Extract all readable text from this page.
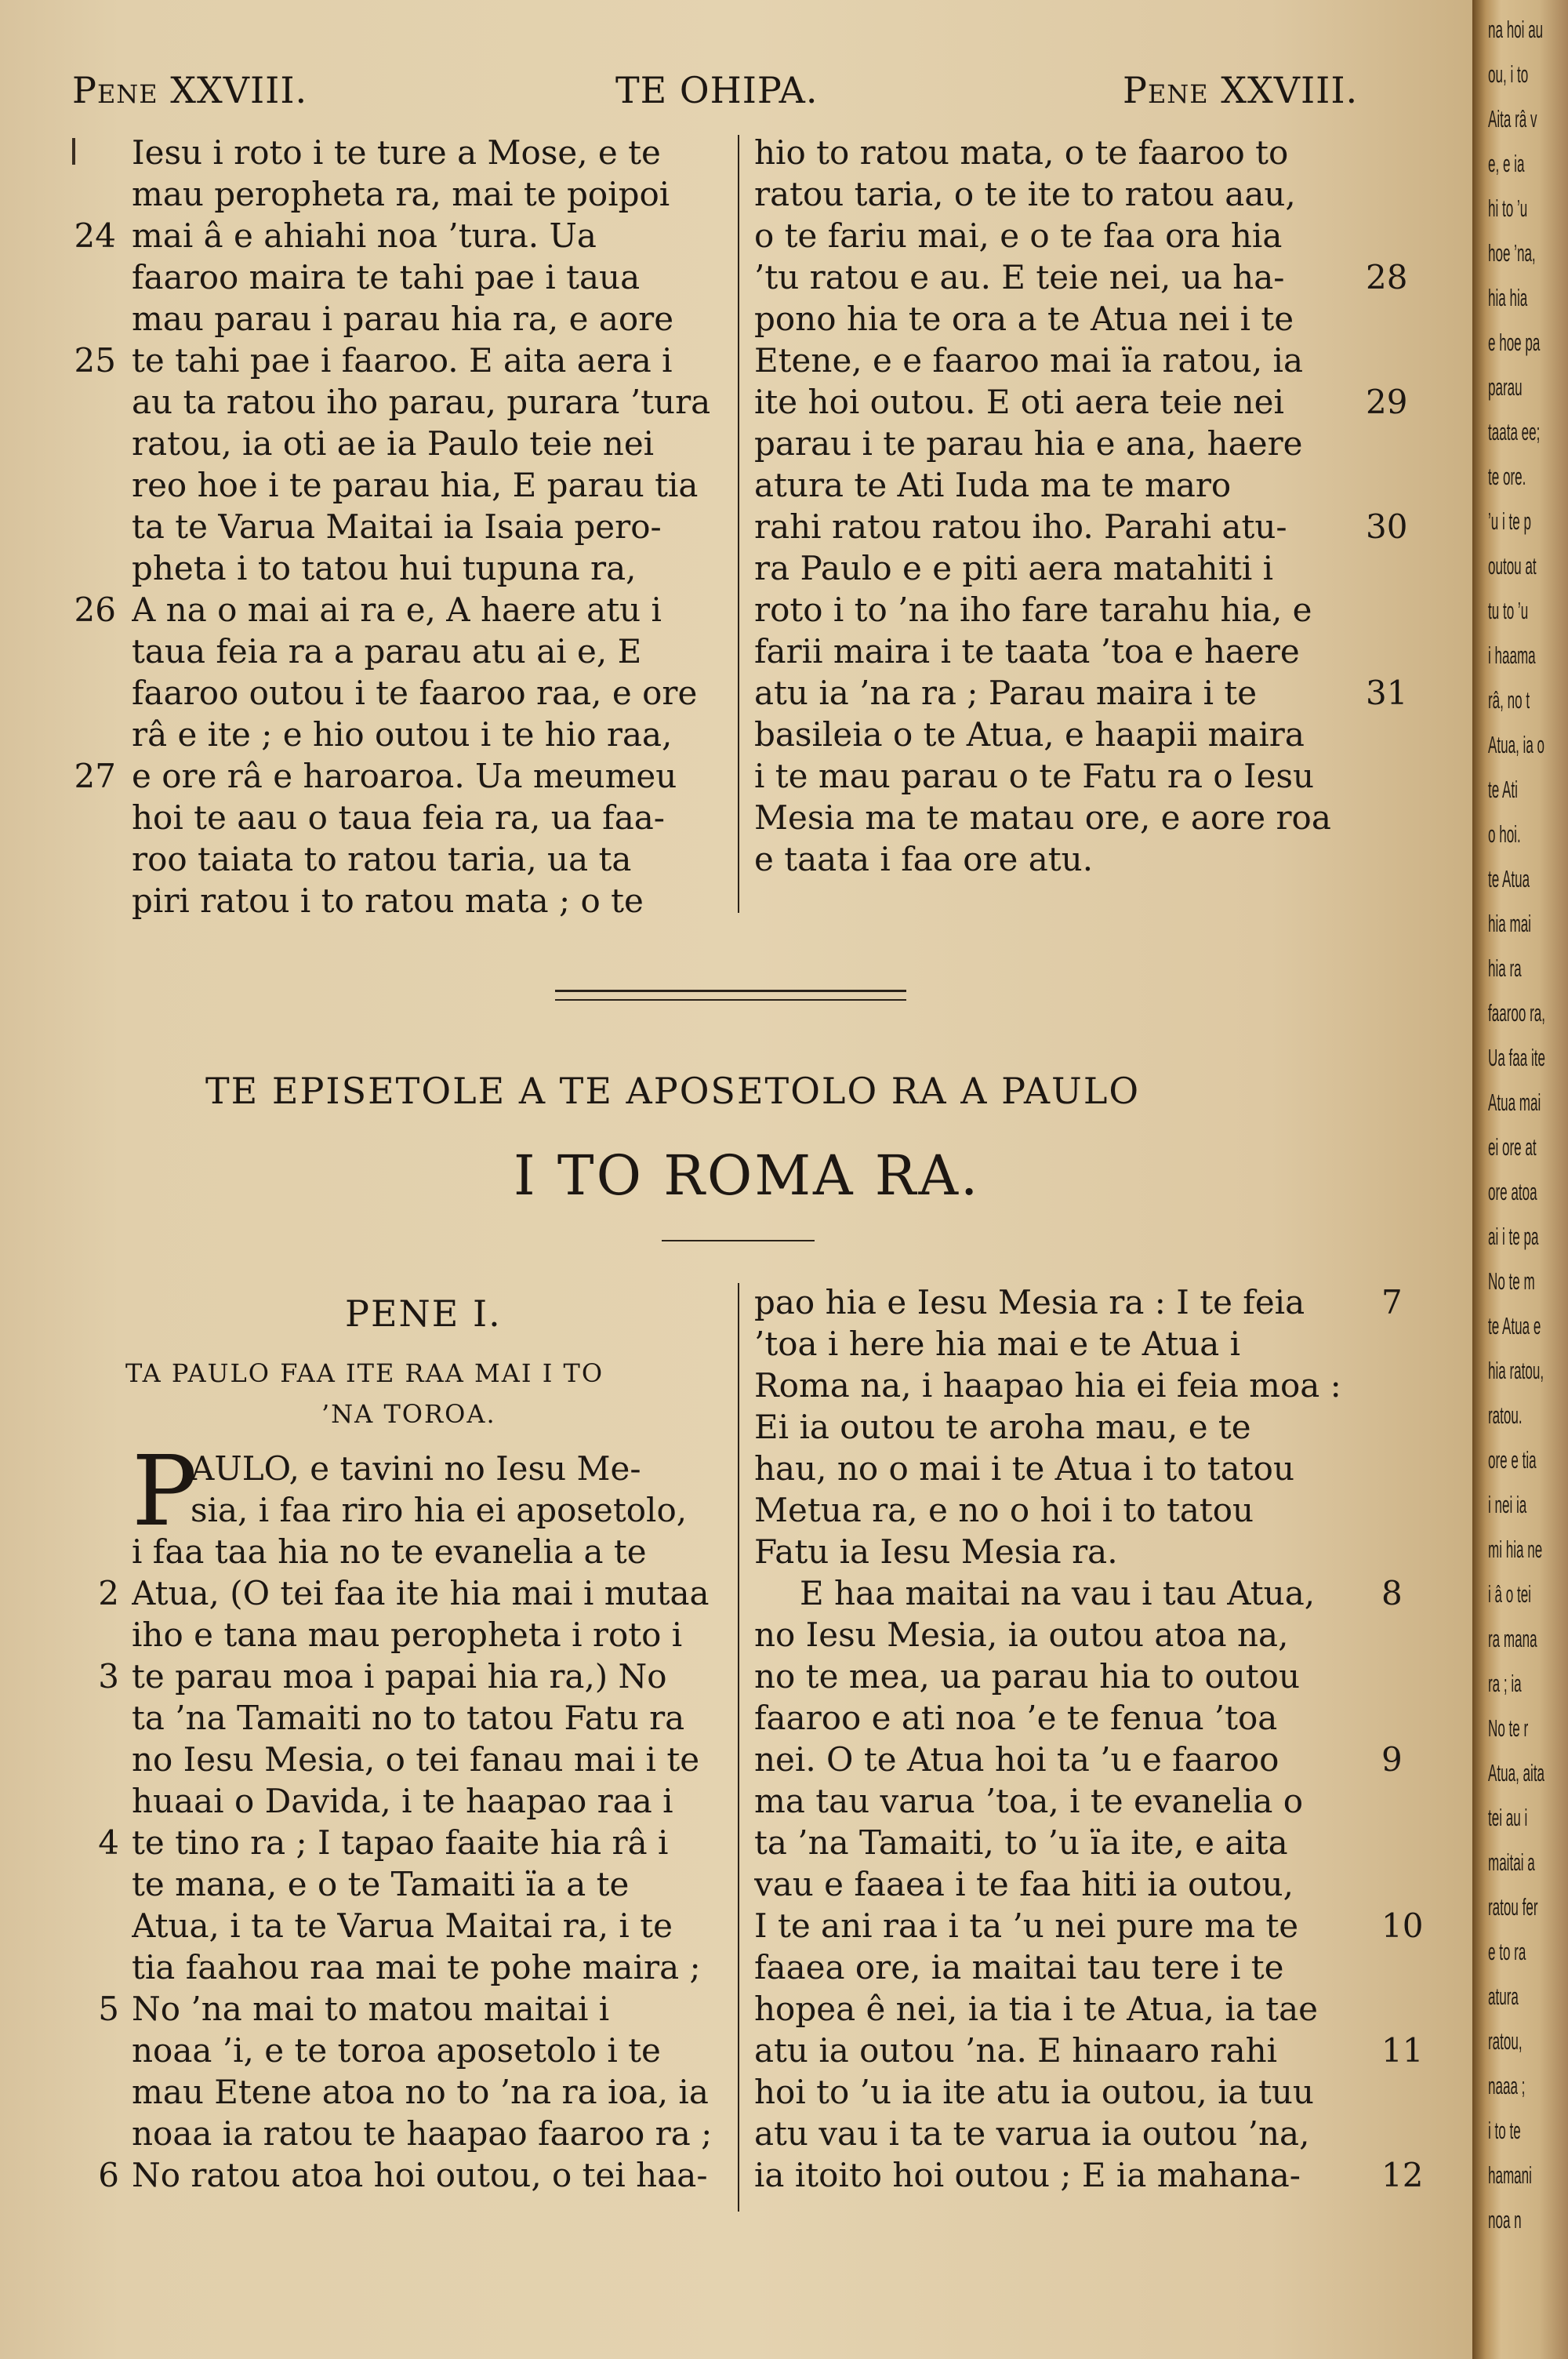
Pene XXVIII.	TE OHIPA.	Pene XXVIII.
Iesu i roto i te ture a Mose, e te
mau peropheta ra, mai te poipoi
mai â e ahiahi noa ’tura. Ua
faaroo maira te tahi pae i taua
mau parau i parau hia ra, e aore
te tahi pae i faaroo. E aita aera i
au ta ratou iho parau, purara ’tura
ratou, ia oti ae ia Paulo teie nei
reo hoe i te parau hia, E parau tia
ta te Varua Maitai ia Isaia pero-
pheta i to tatou hui tupuna ra,
A na o mai ai ra e, A haere atu i
taua feia ra a parau atu ai e, E
faaroo outou i te faaroo raa, e ore
râ e ite ; e hio outou i te hio raa,
e ore râ e haroaroa. Ua meumeu
hoi te aau o taua feia ra, ua faa-
roo taiata to ratou taria, ua ta
piri ratou i to ratou mata ; o te
24
25
26
27
hio to ratou mata, o te faaroo to
ratou taria, o te ite to ratou aau,
o te fariu mai, e o te faa ora hia
’tu ratou e au. E teie nei, ua ha-
pono hia te ora a te Atua nei i te
Etene, e e faaroo mai ïa ratou, ia
ite hoi outou. E oti aera teie nei
parau i te parau hia e ana, haere
atura te Ati Iuda ma te maro
rahi ratou ratou iho. Parahi atu-
ra Paulo e e piti aera matahiti i
roto i to ’na iho fare tarahu hia, e
farii maira i te taata ’toa e haere
atu ia ’na ra ; Parau maira i te
basileia o te Atua, e haapii maira
i te mau parau o te Fatu ra o Iesu
Mesia ma te matau ore, e aore roa
e taata i faa ore atu.
28
29
30
31
TE EPISETOLE A TE APOSETOLO RA A PAULO
I TO ROMA RA.
PENE I.
TA PAULO FAA ITE RAA MAI I TO
’NA TOROA.
P
AULO, e tavini no Iesu Me-
sia, i faa riro hia ei aposetolo,
i faa taa hia no te evanelia a te
Atua, (O tei faa ite hia mai i mutaa
iho e tana mau peropheta i roto i
te parau moa i papai hia ra,) No
ta ’na Tamaiti no to tatou Fatu ra
no Iesu Mesia, o tei fanau mai i te
huaai o Davida, i te haapao raa i
te tino ra ; I tapao faaite hia râ i
te mana, e o te Tamaiti ïa a te
Atua, i ta te Varua Maitai ra, i te
tia faahou raa mai te pohe maira ;
No ’na mai to matou maitai i
noaa ’i, e te toroa aposetolo i te
mau Etene atoa no to ’na ra ioa, ia
noaa ia ratou te haapao faaroo ra ;
No ratou atoa hoi outou, o tei haa-
2
3
4
5
6
pao hia e Iesu Mesia ra : I te feia
’toa i here hia mai e te Atua i
Roma na, i haapao hia ei feia moa :
Ei ia outou te aroha mau, e te
hau, no o mai i te Atua i to tatou
Metua ra, e no o hoi i to tatou
Fatu ia Iesu Mesia ra.
E haa maitai na vau i tau Atua,
no Iesu Mesia, ia outou atoa na,
no te mea, ua parau hia to outou
faaroo e ati noa ’e te fenua ’toa
nei. O te Atua hoi ta ’u e faaroo
ma tau varua ’toa, i te evanelia o
ta ’na Tamaiti, to ’u ïa ite, e aita
vau e faaea i te faa hiti ia outou,
I te ani raa i ta ’u nei pure ma te
faaea ore, ia maitai tau tere i te
hopea ê nei, ia tia i te Atua, ia tae
atu ia outou ’na. E hinaaro rahi
hoi to ’u ia ite atu ia outou, ia tuu
atu vau i ta te varua ia outou ’na,
ia itoito hoi outou ; E ia mahana-
7
8
9
10
11
12
na hoi au
ou, i to
Aita râ v
e, e ia
hi to ’u
hoe ’na,
hia hia
e hoe pa
parau
taata ee;
te ore.
’u i te p
outou at
tu to ’u
i haama
râ, no t
Atua, ia o
te Ati
o hoi.
te Atua
hia mai
hia ra
faaroo ra,
Ua faa ite
Atua mai
ei ore at
ore atoa
ai i te pa
No te m
te Atua e
hia ratou,
ratou.
ore e tia
i nei ia
mi hia ne
i â o tei
ra mana
ra ; ia
No te r
Atua, aita
tei au i
maitai a
ratou fer
e to ra
atura
ratou,
naaa ;
i to te
hamani
noa n
